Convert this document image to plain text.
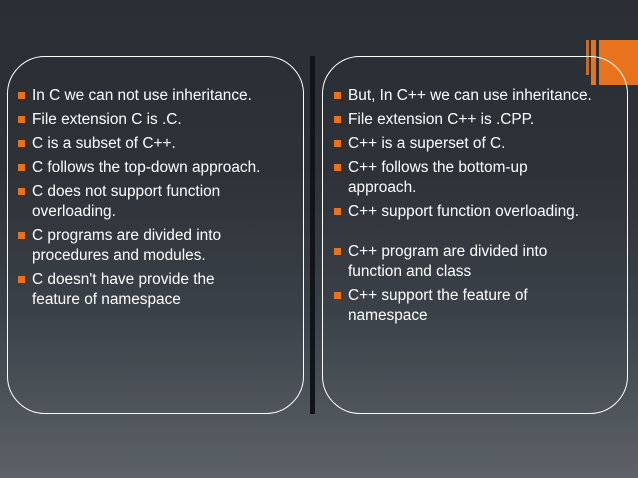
In C we can not use inheritance.
File extension C is .C.
C is a subset of C++.
C follows the top-down approach.
C does not support function
overloading.
C programs are divided into
procedures and modules.
C doesn't have provide the
feature of namespace
But, In C++ we can use inheritance.
File extension C++ is .CPP.
C++ is a superset of C.
C++ follows the bottom-up
approach.
C++ support function overloading.
C++ program are divided into
function and class
C++ support the feature of
namespace
